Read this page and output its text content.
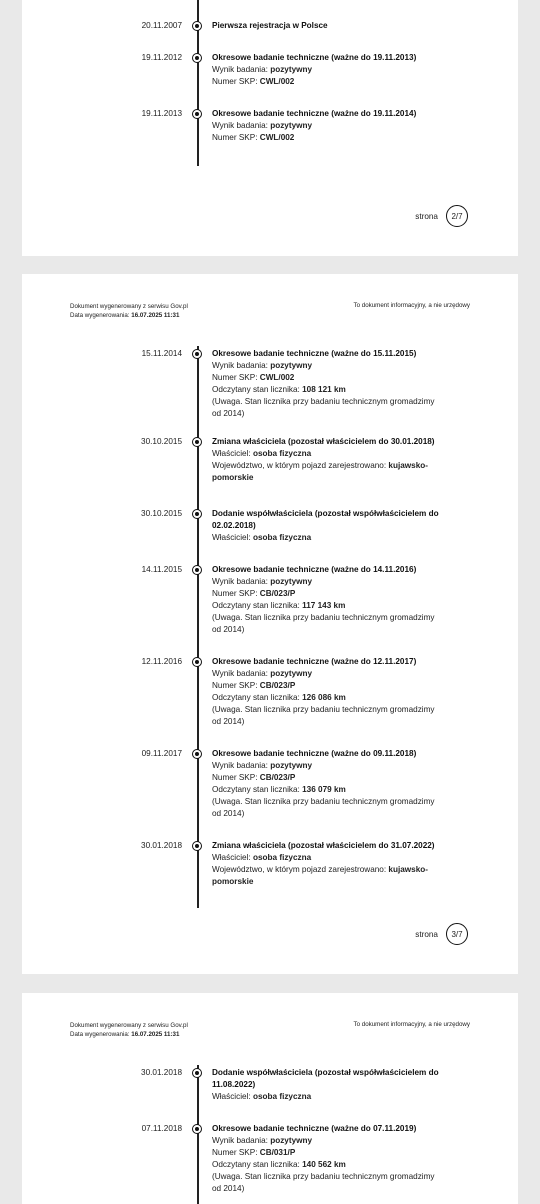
20.11.2007	Pierwsza rejestracja w Polsce
19.11.2012	Okresowe badanie techniczne (ważne do 19.11.2013)
Wynik badania: pozytywny
Numer SKP: CWL/002
19.11.2013	Okresowe badanie techniczne (ważne do 19.11.2014)
Wynik badania: pozytywny
Numer SKP: CWL/002
strona	2/7
Dokument wygenerowany z serwisu Gov.pl
Data wygenerowania: 16.07.2025 11:31
To dokument informacyjny, a nie urzędowy
15.11.2014	Okresowe badanie techniczne (ważne do 15.11.2015)
Wynik badania: pozytywny
Numer SKP: CWL/002
Odczytany stan licznika: 108 121 km
(Uwaga. Stan licznika przy badaniu technicznym gromadzimy od 2014)
30.10.2015	Zmiana właściciela (pozostał właścicielem do 30.01.2018)
Właściciel: osoba fizyczna
Województwo, w którym pojazd zarejestrowano: kujawsko-pomorskie
30.10.2015	Dodanie współwłaściciela (pozostał współwłaścicielem do 02.02.2018)
Właściciel: osoba fizyczna
14.11.2015	Okresowe badanie techniczne (ważne do 14.11.2016)
Wynik badania: pozytywny
Numer SKP: CB/023/P
Odczytany stan licznika: 117 143 km
(Uwaga. Stan licznika przy badaniu technicznym gromadzimy od 2014)
12.11.2016	Okresowe badanie techniczne (ważne do 12.11.2017)
Wynik badania: pozytywny
Numer SKP: CB/023/P
Odczytany stan licznika: 126 086 km
(Uwaga. Stan licznika przy badaniu technicznym gromadzimy od 2014)
09.11.2017	Okresowe badanie techniczne (ważne do 09.11.2018)
Wynik badania: pozytywny
Numer SKP: CB/023/P
Odczytany stan licznika: 136 079 km
(Uwaga. Stan licznika przy badaniu technicznym gromadzimy od 2014)
30.01.2018	Zmiana właściciela (pozostał właścicielem do 31.07.2022)
Właściciel: osoba fizyczna
Województwo, w którym pojazd zarejestrowano: kujawsko-pomorskie
strona	3/7
Dokument wygenerowany z serwisu Gov.pl
Data wygenerowania: 16.07.2025 11:31
To dokument informacyjny, a nie urzędowy
30.01.2018	Dodanie współwłaściciela (pozostał współwłaścicielem do 11.08.2022)
Właściciel: osoba fizyczna
07.11.2018	Okresowe badanie techniczne (ważne do 07.11.2019)
Wynik badania: pozytywny
Numer SKP: CB/031/P
Odczytany stan licznika: 140 562 km
(Uwaga. Stan licznika przy badaniu technicznym gromadzimy od 2014)
